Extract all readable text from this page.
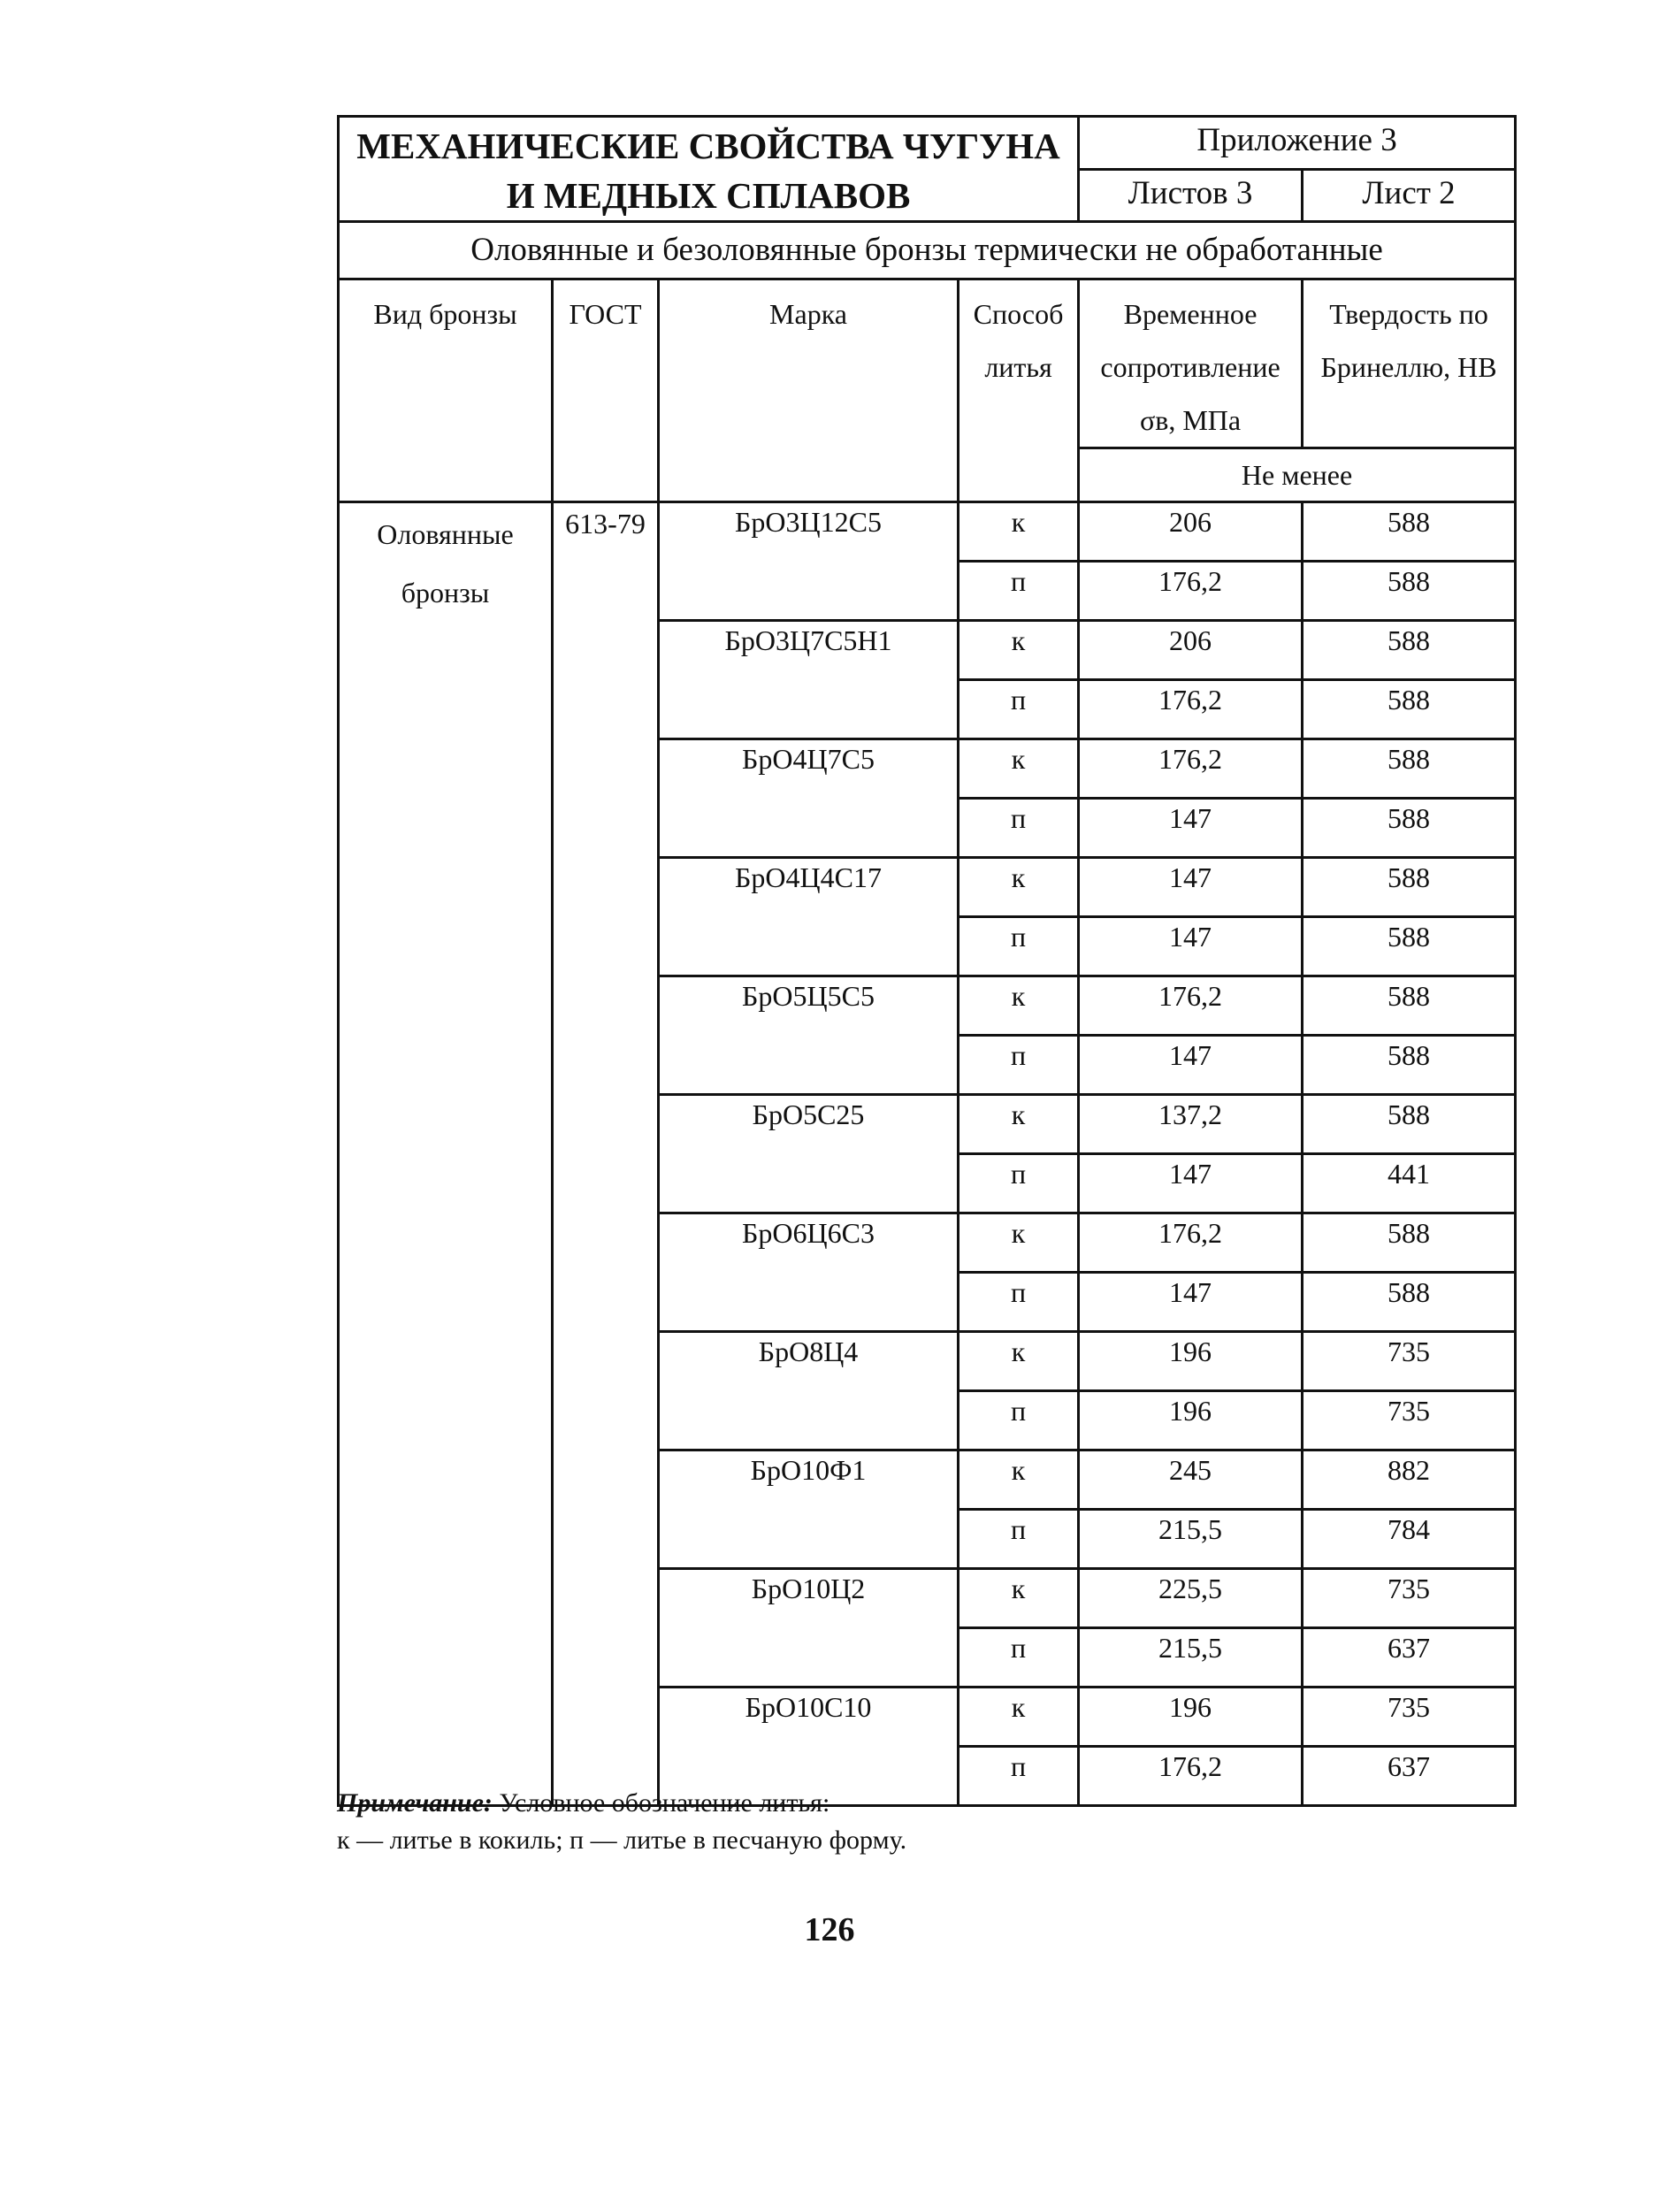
МЕХАНИЧЕСКИЕ СВОЙСТВА ЧУГУНА
И МЕДНЫХ СПЛАВОВ				Приложение 3	
				Листов 3	Лист 2
Оловянные и безоловянные бронзы термически не обработанные					
Вид бронзы	ГОСТ	Марка	Способ литья	Временное сопротивление σв, МПа	Твердость по Бринеллю, НВ
				Не менее	
Оловянные бронзы	613-79	БрО3Ц12С5	к	206	588
			п	176,2	588
		БрО3Ц7С5Н1	к	206	588
			п	176,2	588
		БрО4Ц7С5	к	176,2	588
			п	147	588
		БрО4Ц4С17	к	147	588
			п	147	588
		БрО5Ц5С5	к	176,2	588
			п	147	588
		БрО5С25	к	137,2	588
			п	147	441
		БрО6Ц6С3	к	176,2	588
			п	147	588
		БрО8Ц4	к	196	735
			п	196	735
		БрО10Ф1	к	245	882
			п	215,5	784
		БрО10Ц2	к	225,5	735
			п	215,5	637
		БрО10С10	к	196	735
			п	176,2	637
Примечание: Условное обозначение литья:
к — литье в кокиль; п — литье в песчаную форму.
126
